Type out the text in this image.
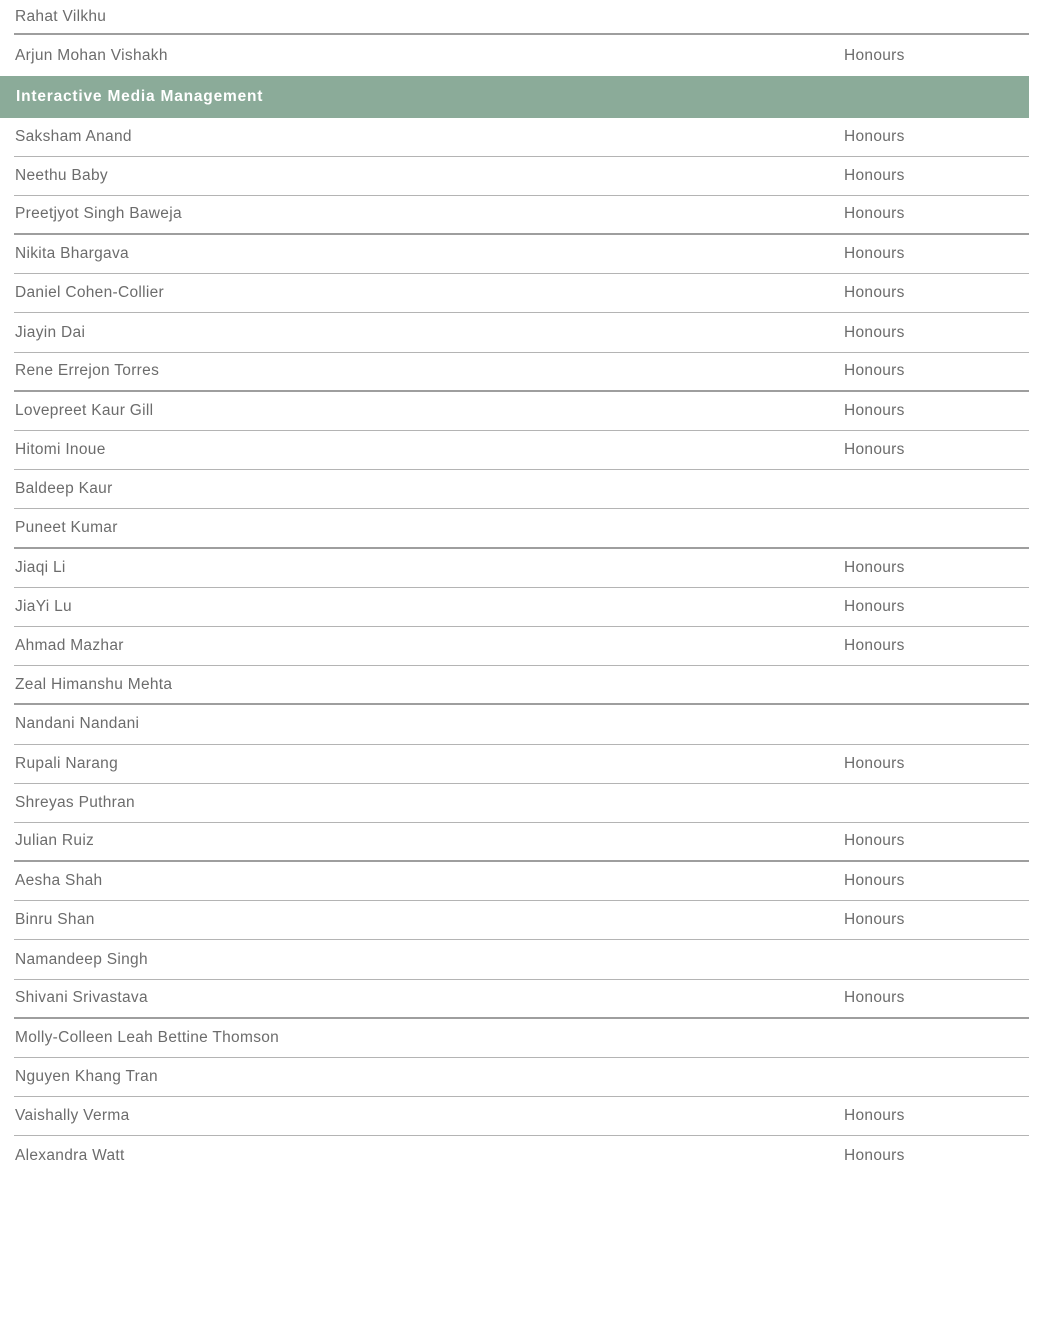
Rahat Vilkhu
Arjun Mohan Vishakh	Honours
Interactive Media Management
Saksham Anand	Honours
Neethu Baby	Honours
Preetjyot Singh Baweja	Honours
Nikita Bhargava	Honours
Daniel Cohen-Collier	Honours
Jiayin Dai	Honours
Rene Errejon Torres	Honours
Lovepreet Kaur Gill	Honours
Hitomi Inoue	Honours
Baldeep Kaur
Puneet Kumar
Jiaqi Li	Honours
JiaYi Lu	Honours
Ahmad Mazhar	Honours
Zeal Himanshu Mehta
Nandani Nandani
Rupali Narang	Honours
Shreyas Puthran
Julian Ruiz	Honours
Aesha Shah	Honours
Binru Shan	Honours
Namandeep Singh
Shivani Srivastava	Honours
Molly-Colleen Leah Bettine Thomson
Nguyen Khang Tran
Vaishally Verma	Honours
Alexandra Watt	Honours
